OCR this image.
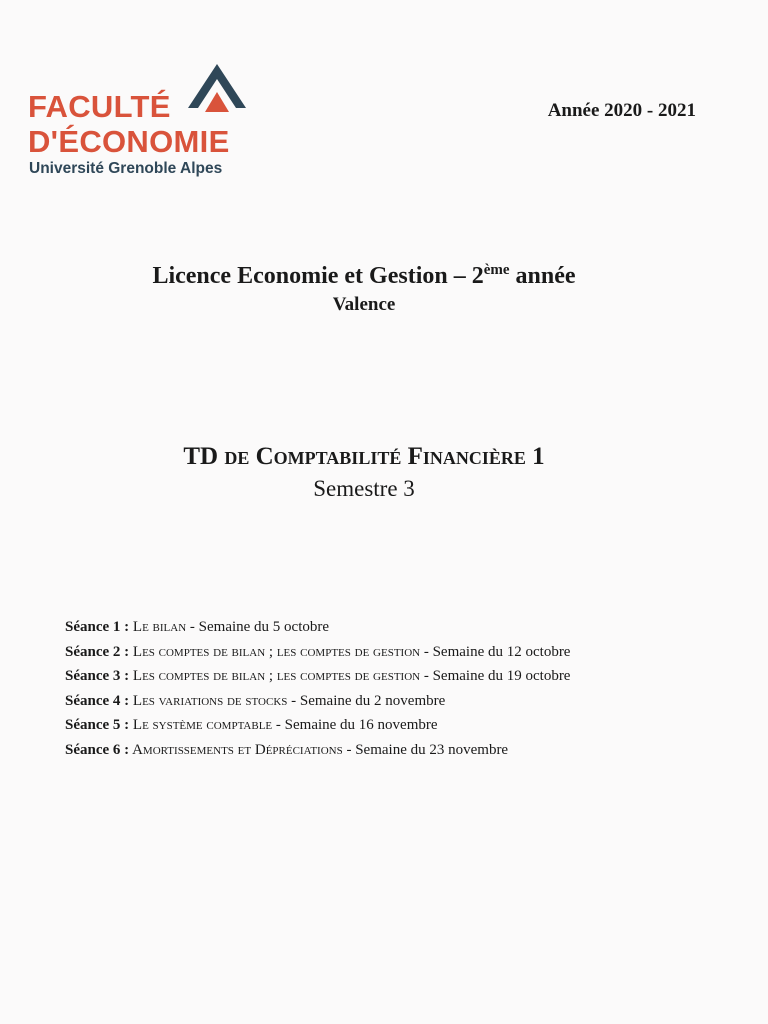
FACULTÉ
D'ÉCONOMIE
Université Grenoble Alpes
Année 2020 - 2021
Licence Economie et Gestion – 2ème année
Valence
TD de Comptabilité Financière 1
Semestre 3
Séance 1 : Le bilan - Semaine du 5 octobre
Séance 2 : Les comptes de bilan ; les comptes de gestion - Semaine du 12 octobre
Séance 3 : Les comptes de bilan ; les comptes de gestion - Semaine du 19 octobre
Séance 4 : Les variations de stocks - Semaine du 2 novembre
Séance 5 : Le système comptable - Semaine du 16 novembre
Séance 6 : Amortissements et Dépréciations - Semaine du 23 novembre
